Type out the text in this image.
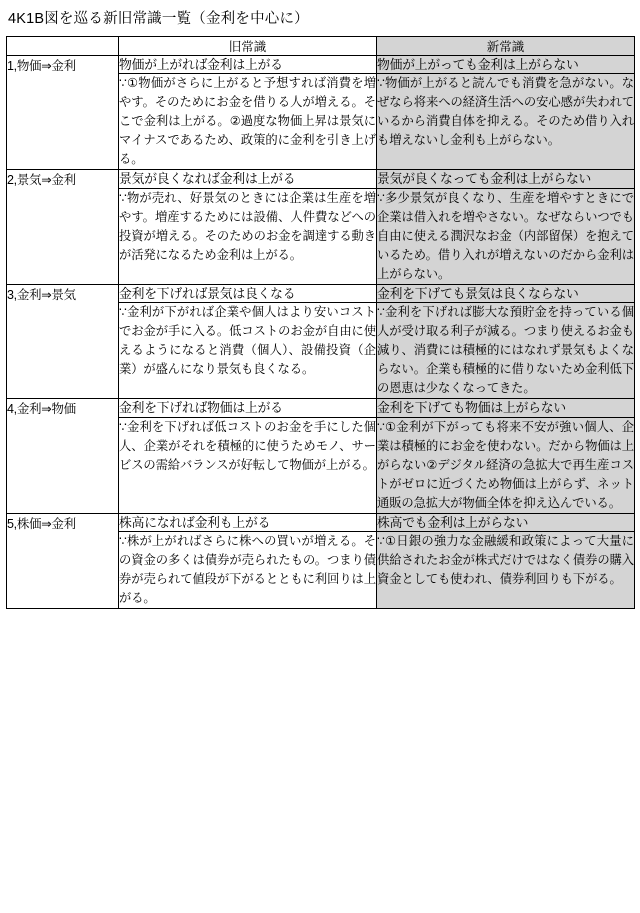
4K1B図を巡る新旧常識一覧（金利を中心に）
	旧常識	新常識
1,物価⇒金利	物価が上がれば金利は上がる	物価が上がっても金利は上がらない
	∵①物価がさらに上がると予想すれば消費を増やす。そのためにお金を借りる人が増える。そこで金利は上がる。②過度な物価上昇は景気にマイナスであるため、政策的に金利を引き上げる。	∵物価が上がると読んでも消費を急がない。なぜなら将来への経済生活への安心感が失われているから消費自体を抑える。そのため借り入れも増えないし金利も上がらない。
2,景気⇒金利	景気が良くなれば金利は上がる	景気が良くなっても金利は上がらない
	∵物が売れ、好景気のときには企業は生産を増やす。増産するためには設備、人件費などへの投資が増える。そのためのお金を調達する動きが活発になるため金利は上がる。	∵多少景気が良くなり、生産を増やすときにで企業は借入れを増やさない。なぜならいつでも自由に使える潤沢なお金（内部留保）を抱えているため。借り入れが増えないのだから金利は上がらない。
3,金利⇒景気	金利を下げれば景気は良くなる	金利を下げても景気は良くならない
	∵金利が下がれば企業や個人はより安いコストでお金が手に入る。低コストのお金が自由に使えるようになると消費（個人）、設備投資（企業）が盛んになり景気も良くなる。	∵金利を下げれば膨大な預貯金を持っている個人が受け取る利子が減る。つまり使えるお金も減り、消費には積極的にはなれず景気もよくならない。企業も積極的に借りないため金利低下の恩恵は少なくなってきた。
4,金利⇒物価	金利を下げれば物価は上がる	金利を下げても物価は上がらない
	∵金利を下げれば低コストのお金を手にした個人、企業がそれを積極的に使うためモノ、サービスの需給バランスが好転して物価が上がる。	∵①金利が下がっても将来不安が強い個人、企業は積極的にお金を使わない。だから物価は上がらない②デジタル経済の急拡大で再生産コストがゼロに近づくため物価は上がらず、ネット通販の急拡大が物価全体を抑え込んでいる。
5,株価⇒金利	株高になれば金利も上がる	株高でも金利は上がらない
	∵株が上がればさらに株への買いが増える。その資金の多くは債券が売られたもの。つまり債券が売られて値段が下がるとともに利回りは上がる。	∵①日銀の強力な金融緩和政策によって大量に供給されたお金が株式だけではなく債券の購入資金としても使われ、債券利回りも下がる。
